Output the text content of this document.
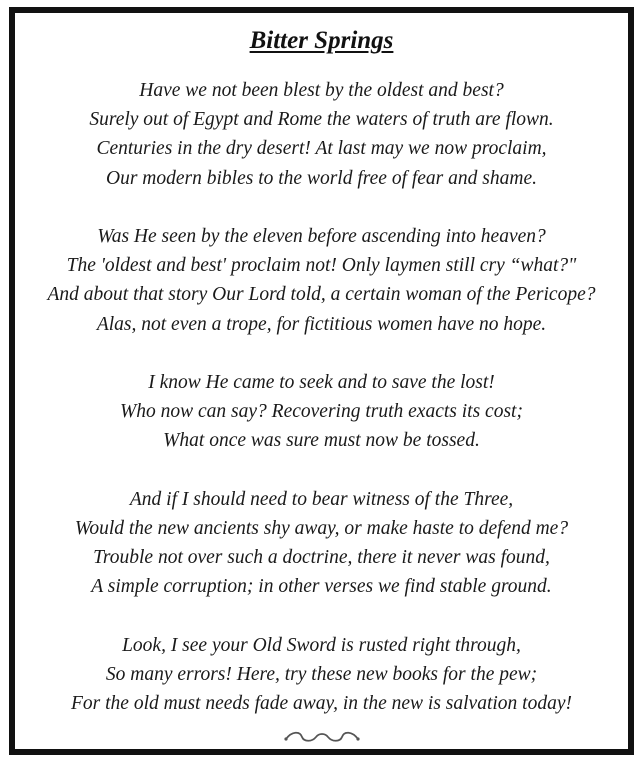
Bitter Springs
Have we not been blest by the oldest and best?
Surely out of Egypt and Rome the waters of truth are flown.
Centuries in the dry desert! At last may we now proclaim,
Our modern bibles to the world free of fear and shame.
Was He seen by the eleven before ascending into heaven?
The 'oldest and best' proclaim not! Only laymen still cry “what?"
And about that story Our Lord told, a certain woman of the Pericope?
Alas, not even a trope, for fictitious women have no hope.
I know He came to seek and to save the lost!
Who now can say? Recovering truth exacts its cost;
What once was sure must now be tossed.
And if I should need to bear witness of the Three,
Would the new ancients shy away, or make haste to defend me?
Trouble not over such a doctrine, there it never was found,
A simple corruption; in other verses we find stable ground.
Look, I see your Old Sword is rusted right through,
So many errors! Here, try these new books for the pew;
For the old must needs fade away, in the new is salvation today!
